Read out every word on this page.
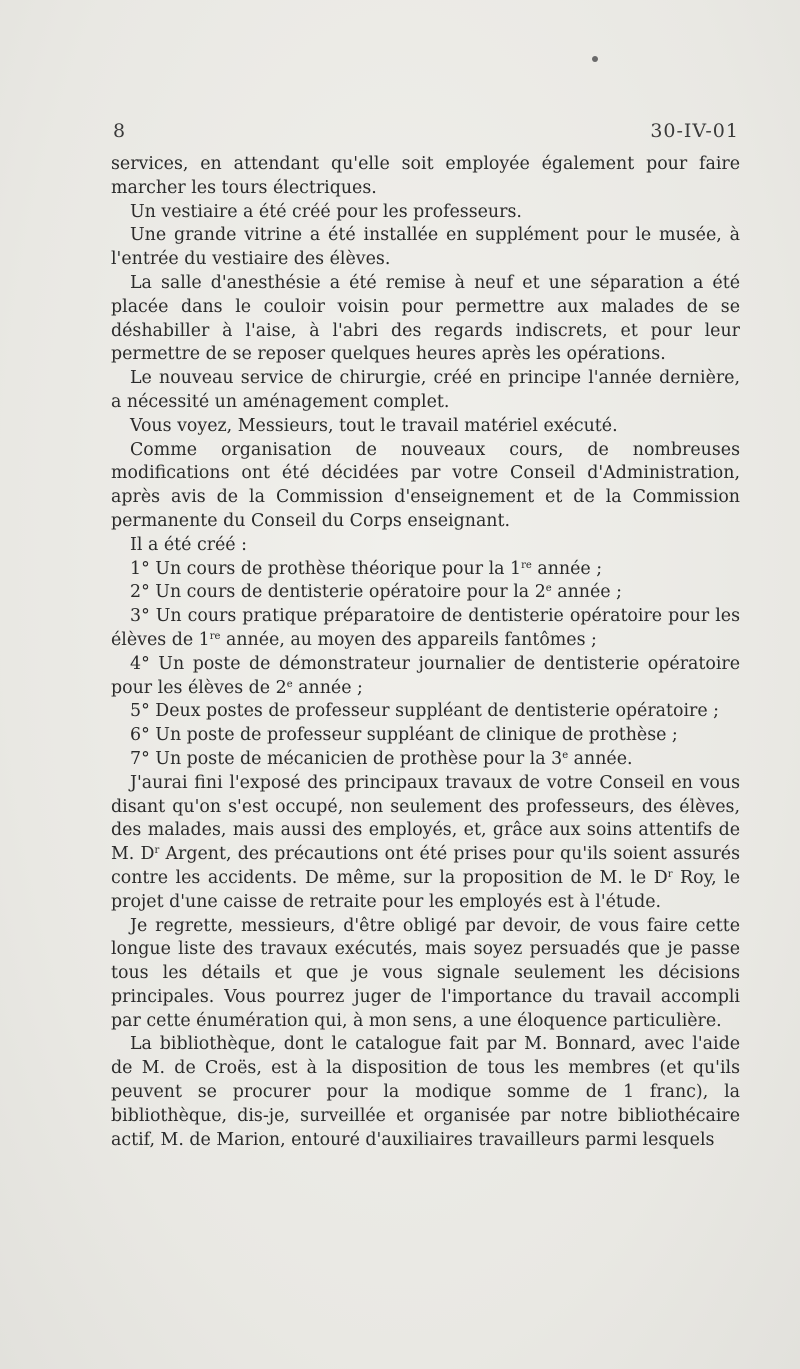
8	30-IV-01

services, en attendant qu'elle soit employée également pour faire marcher les tours électriques.

Un vestiaire a été créé pour les professeurs.

Une grande vitrine a été installée en supplément pour le musée, à l'entrée du vestiaire des élèves.

La salle d'anesthésie a été remise à neuf et une séparation a été placée dans le couloir voisin pour permettre aux malades de se déshabiller à l'aise, à l'abri des regards indiscrets, et pour leur permettre de se reposer quelques heures après les opérations.

Le nouveau service de chirurgie, créé en principe l'année dernière, a nécessité un aménagement complet.

Vous voyez, Messieurs, tout le travail matériel exécuté.

Comme organisation de nouveaux cours, de nombreuses modifications ont été décidées par votre Conseil d'Administration, après avis de la Commission d'enseignement et de la Commission permanente du Conseil du Corps enseignant.

Il a été créé :

1° Un cours de prothèse théorique pour la 1re année ;

2° Un cours de dentisterie opératoire pour la 2e année ;

3° Un cours pratique préparatoire de dentisterie opératoire pour les élèves de 1re année, au moyen des appareils fantômes ;

4° Un poste de démonstrateur journalier de dentisterie opératoire pour les élèves de 2e année ;

5° Deux postes de professeur suppléant de dentisterie opératoire ;

6° Un poste de professeur suppléant de clinique de prothèse ;

7° Un poste de mécanicien de prothèse pour la 3e année.

J'aurai fini l'exposé des principaux travaux de votre Conseil en vous disant qu'on s'est occupé, non seulement des professeurs, des élèves, des malades, mais aussi des employés, et, grâce aux soins attentifs de M. $D^r$ Argent, des précautions ont été prises pour qu'ils soient assurés contre les accidents. De même, sur la proposition de M. le $D^r$ Roy, le projet d'une caisse de retraite pour les employés est à l'étude.

Je regrette, messieurs, d'être obligé par devoir, de vous faire cette longue liste des travaux exécutés, mais soyez persuadés que je passe tous les détails et que je vous signale seulement les décisions principales. Vous pourrez juger de l'importance du travail accompli par cette énumération qui, à mon sens, a une éloquence particulière.

La bibliothèque, dont le catalogue fait par M. Bonnard, avec l'aide de M. de Croës, est à la disposition de tous les membres (et qu'ils peuvent se procurer pour la modique somme de 1 franc), la bibliothèque, dis-je, surveillée et organisée par notre bibliothécaire actif, M. de Marion, entouré d'auxiliaires travailleurs parmi lesquels
